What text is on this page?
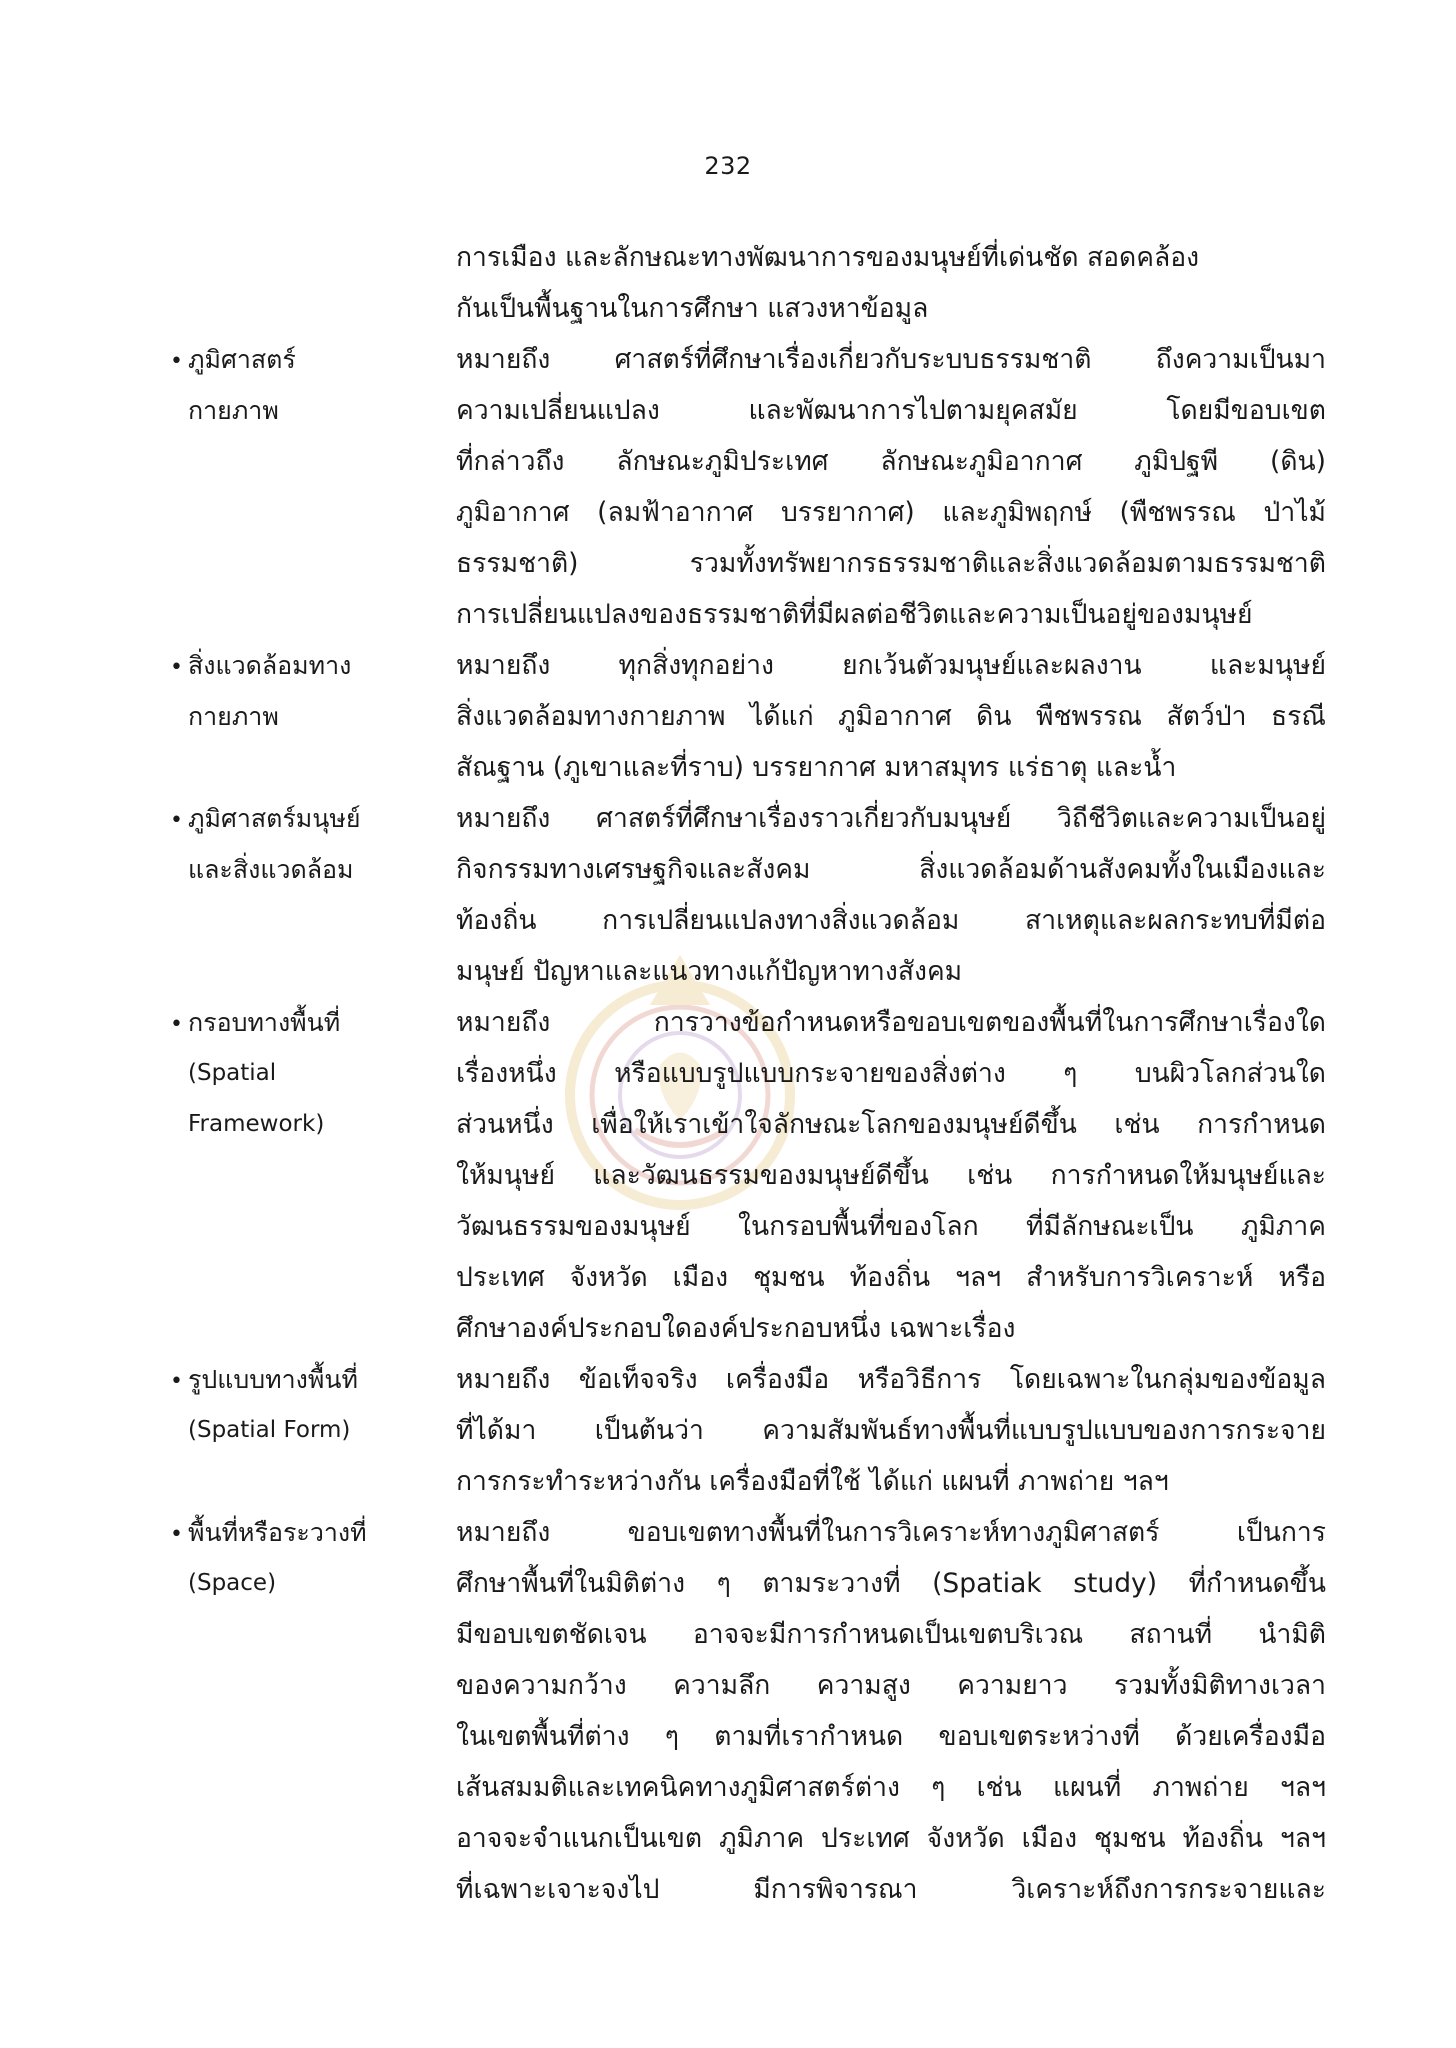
232
การเมือง และลักษณะทางพัฒนาการของมนุษย์ที่เด่นชัด สอดคล้อง
กันเป็นพื้นฐานในการศึกษา แสวงหาข้อมูล
• ภูมิศาสตร์
กายภาพ
หมายถึง ศาสตร์ที่ศึกษาเรื่องเกี่ยวกับระบบธรรมชาติ ถึงความเป็นมา
ความเปลี่ยนแปลง และพัฒนาการไปตามยุคสมัย โดยมีขอบเขต
ที่กล่าวถึง ลักษณะภูมิประเทศ ลักษณะภูมิอากาศ ภูมิปฐพี (ดิน)
ภูมิอากาศ (ลมฟ้าอากาศ บรรยากาศ) และภูมิพฤกษ์ (พืชพรรณ ป่าไม้
ธรรมชาติ) รวมทั้งทรัพยากรธรรมชาติและสิ่งแวดล้อมตามธรรมชาติ
การเปลี่ยนแปลงของธรรมชาติที่มีผลต่อชีวิตและความเป็นอยู่ของมนุษย์
• สิ่งแวดล้อมทาง
กายภาพ
หมายถึง ทุกสิ่งทุกอย่าง ยกเว้นตัวมนุษย์และผลงาน และมนุษย์
สิ่งแวดล้อมทางกายภาพ ได้แก่ ภูมิอากาศ ดิน พืชพรรณ สัตว์ป่า ธรณี
สัณฐาน (ภูเขาและที่ราบ) บรรยากาศ มหาสมุทร แร่ธาตุ และน้ำ
• ภูมิศาสตร์มนุษย์
และสิ่งแวดล้อม
หมายถึง ศาสตร์ที่ศึกษาเรื่องราวเกี่ยวกับมนุษย์ วิถีชีวิตและความเป็นอยู่
กิจกรรมทางเศรษฐกิจและสังคม สิ่งแวดล้อมด้านสังคมทั้งในเมืองและ
ท้องถิ่น การเปลี่ยนแปลงทางสิ่งแวดล้อม สาเหตุและผลกระทบที่มีต่อ
มนุษย์ ปัญหาและแนวทางแก้ปัญหาทางสังคม
• กรอบทางพื้นที่
(Spatial
Framework)
หมายถึง การวางข้อกำหนดหรือขอบเขตของพื้นที่ในการศึกษาเรื่องใด
เรื่องหนึ่ง หรือแบบรูปแบบกระจายของสิ่งต่าง ๆ บนผิวโลกส่วนใด
ส่วนหนึ่ง เพื่อให้เราเข้าใจลักษณะโลกของมนุษย์ดีขึ้น เช่น การกำหนด
ให้มนุษย์ และวัฒนธรรมของมนุษย์ดีขึ้น เช่น การกำหนดให้มนุษย์และ
วัฒนธรรมของมนุษย์ ในกรอบพื้นที่ของโลก ที่มีลักษณะเป็น ภูมิภาค
ประเทศ จังหวัด เมือง ชุมชน ท้องถิ่น ฯลฯ สำหรับการวิเคราะห์ หรือ
ศึกษาองค์ประกอบใดองค์ประกอบหนึ่ง เฉพาะเรื่อง
• รูปแบบทางพื้นที่
(Spatial Form)
หมายถึง ข้อเท็จจริง เครื่องมือ หรือวิธีการ โดยเฉพาะในกลุ่มของข้อมูล
ที่ได้มา เป็นต้นว่า ความสัมพันธ์ทางพื้นที่แบบรูปแบบของการกระจาย
การกระทำระหว่างกัน เครื่องมือที่ใช้ ได้แก่ แผนที่ ภาพถ่าย ฯลฯ
• พื้นที่หรือระวางที่
(Space)
หมายถึง ขอบเขตทางพื้นที่ในการวิเคราะห์ทางภูมิศาสตร์ เป็นการ
ศึกษาพื้นที่ในมิติต่าง ๆ ตามระวางที่ (Spatiak study) ที่กำหนดขึ้น
มีขอบเขตชัดเจน อาจจะมีการกำหนดเป็นเขตบริเวณ สถานที่ นำมิติ
ของความกว้าง ความลึก ความสูง ความยาว รวมทั้งมิติทางเวลา
ในเขตพื้นที่ต่าง ๆ ตามที่เรากำหนด ขอบเขตระหว่างที่ ด้วยเครื่องมือ
เส้นสมมติและเทคนิคทางภูมิศาสตร์ต่าง ๆ เช่น แผนที่ ภาพถ่าย ฯลฯ
อาจจะจำแนกเป็นเขต ภูมิภาค ประเทศ จังหวัด เมือง ชุมชน ท้องถิ่น ฯลฯ
ที่เฉพาะเจาะจงไป มีการพิจารณา วิเคราะห์ถึงการกระจายและ
